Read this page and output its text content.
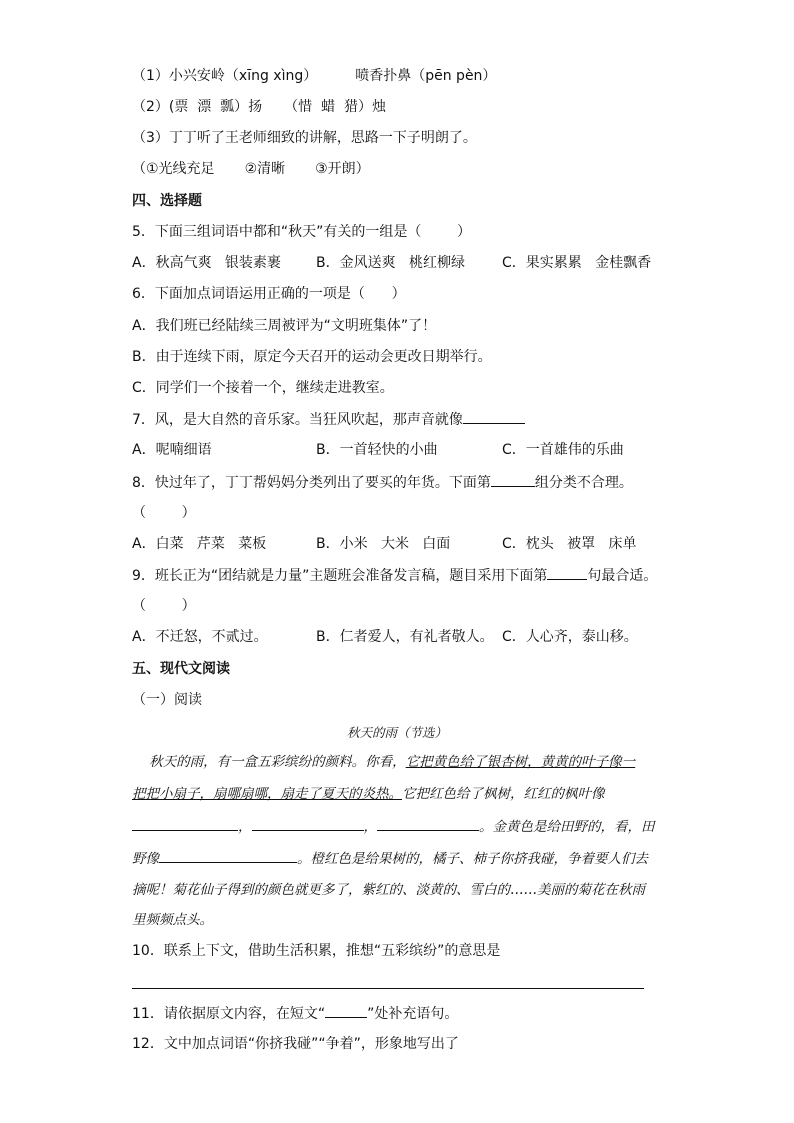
（1）小兴安岭（xīng xìng）	喷香扑鼻（pēn pèn）
（2）(票  漂  瓢）扬 （惜  蜡  猎）烛
（3）丁丁听了王老师细致的讲解，思路一下子明朗了。
（①光线充足 ②清晰 ③开朗）
四、选择题
5．下面三组词语中都和“秋天”有关的一组是（        ）
A．秋高气爽   银装素裹	B．金风送爽   桃红柳绿	C．果实累累   金桂飘香
6．下面加点词语运用正确的一项是（      ）
A．我们班已经陆续三周被评为“文明班集体”了！
B．由于连续下雨，原定今天召开的运动会更改日期举行。
C．同学们一个接着一个，继续走进教室。
7．风，是大自然的音乐家。当狂风吹起，那声音就像
A．呢喃细语	B．一首轻快的小曲	C．一首雄伟的乐曲
8．快过年了，丁丁帮妈妈分类列出了要买的年货。下面第	组分类不合理。
（        ）
A．白菜   芹菜   菜板	B．小米   大米   白面	C．枕头   被罩   床单
9．班长正为“团结就是力量”主题班会准备发言稿，题目采用下面第	句最合适。
（        ）
A．不迁怒，不贰过。	B．仁者爱人，有礼者敬人。 C．人心齐，泰山移。
五、现代文阅读
（一）阅读
秋天的雨（节选）
秋天的雨，有一盒五彩缤纷的颜料。你看，它把黄色给了银杏树，黄黄的叶子像一
把把小扇子，扇哪扇哪，扇走了夏天的炎热。它把红色给了枫树，红红的枫叶像
，	，	。金黄色是给田野的，看，田
野像	。橙红色是给果树的，橘子、柿子你挤我碰，争着要人们去
摘呢！菊花仙子得到的颜色就更多了，紫红的、淡黄的、雪白的……美丽的菊花在秋雨
里频频点头。
10．联系上下文，借助生活积累，推想“五彩缤纷”的意思是
11．请依据原文内容，在短文“	”处补充语句。
12．文中加点词语“你挤我碰”“争着”，形象地写出了
